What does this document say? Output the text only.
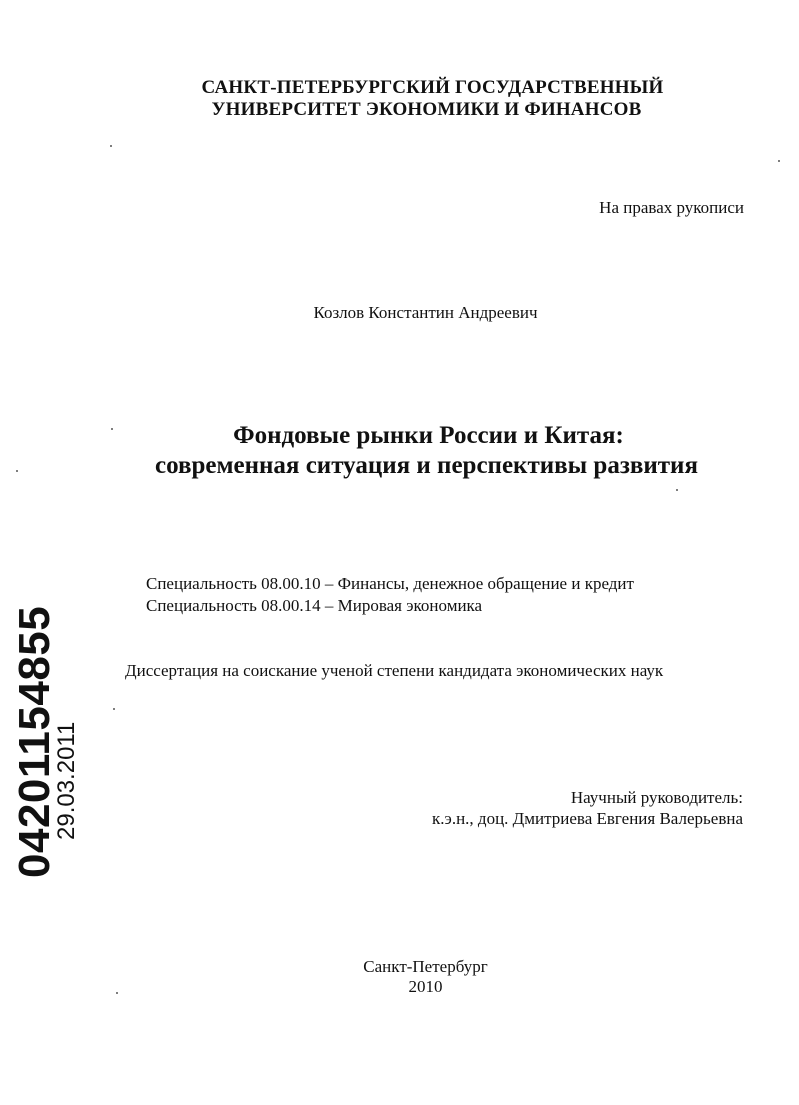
САНКТ-ПЕТЕРБУРГСКИЙ ГОСУДАРСТВЕННЫЙ
УНИВЕРСИТЕТ ЭКОНОМИКИ И ФИНАНСОВ
На правах рукописи
Козлов Константин Андреевич
Фондовые рынки России и Китая:
современная ситуация и перспективы развития
Специальность 08.00.10 – Финансы, денежное обращение и кредит
Специальность 08.00.14 – Мировая экономика
Диссертация на соискание ученой степени кандидата экономических наук
Научный руководитель:
к.э.н., доц. Дмитриева Евгения Валерьевна
Санкт-Петербург
2010
04201154855
29.03.2011
